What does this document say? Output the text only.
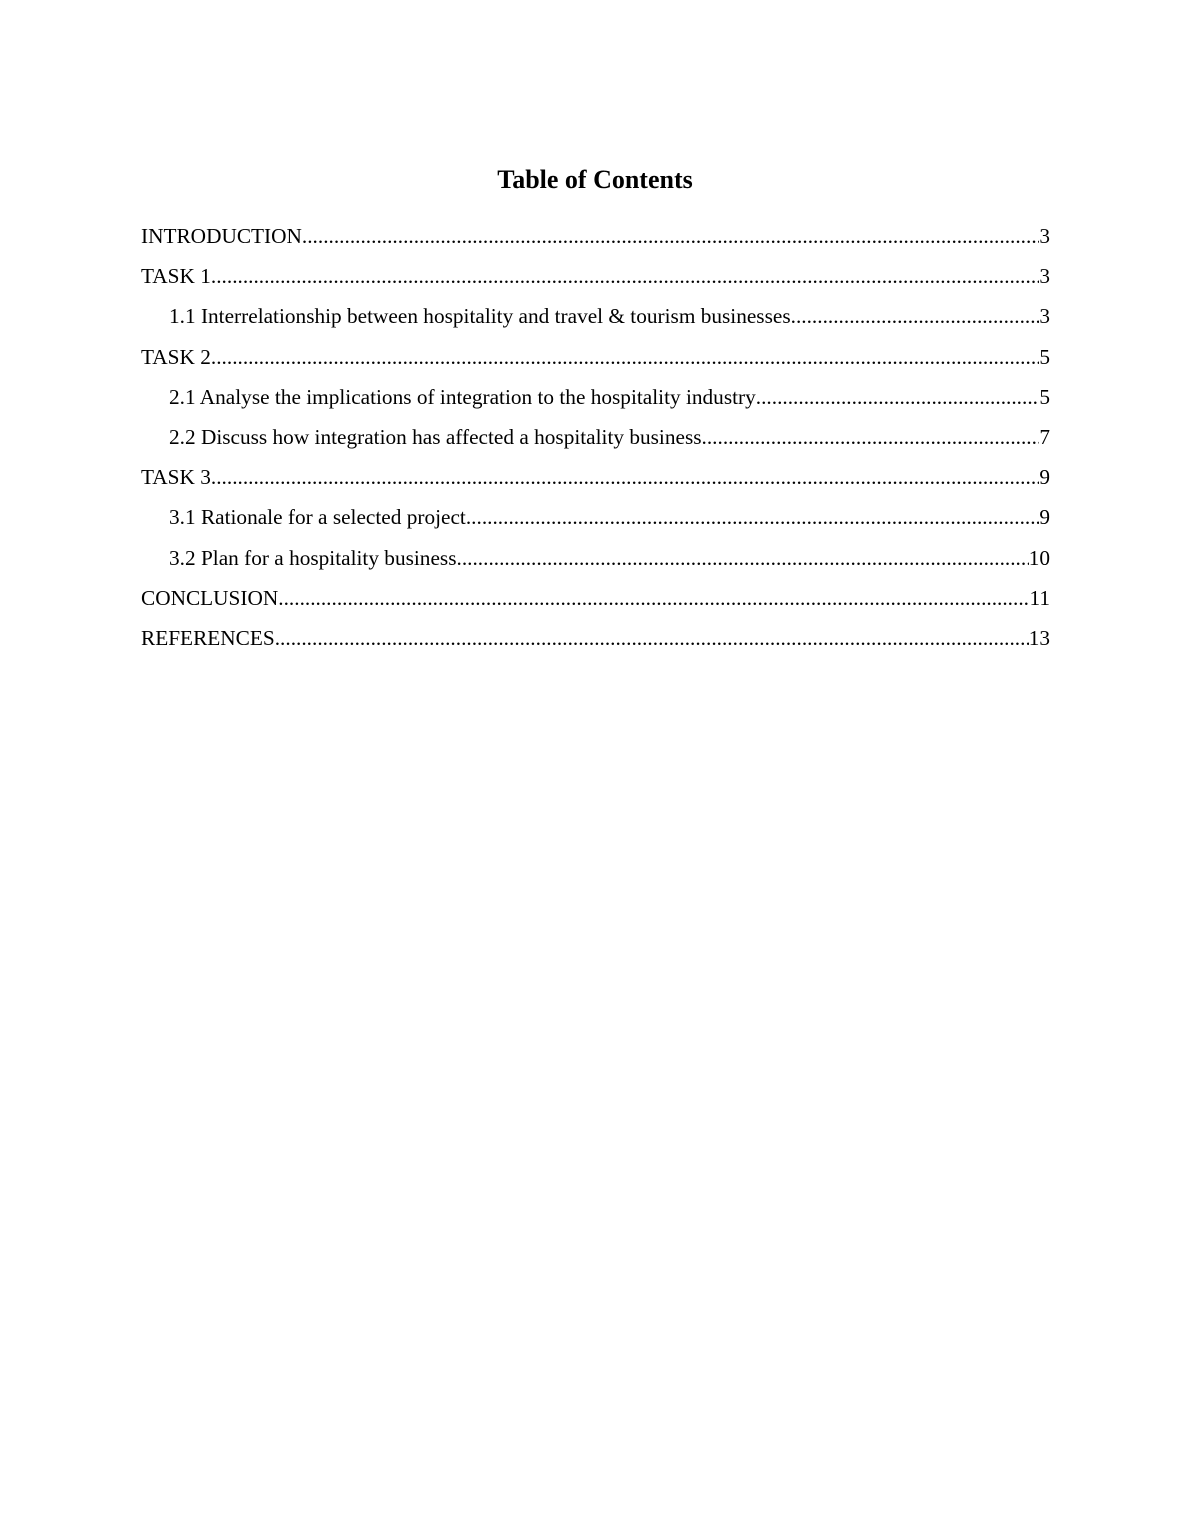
Table of Contents
INTRODUCTION .....	3
TASK 1 .....	3
1.1 Interrelationship between hospitality and travel & tourism businesses .....	3
TASK 2 .....	5
2.1 Analyse the implications of integration to the hospitality industry .....	5
2.2 Discuss how integration has affected a hospitality business .....	7
TASK 3 .....	9
3.1 Rationale for a selected project .....	9
3.2 Plan for a hospitality business .....	10
CONCLUSION .....	11
REFERENCES .....	13
